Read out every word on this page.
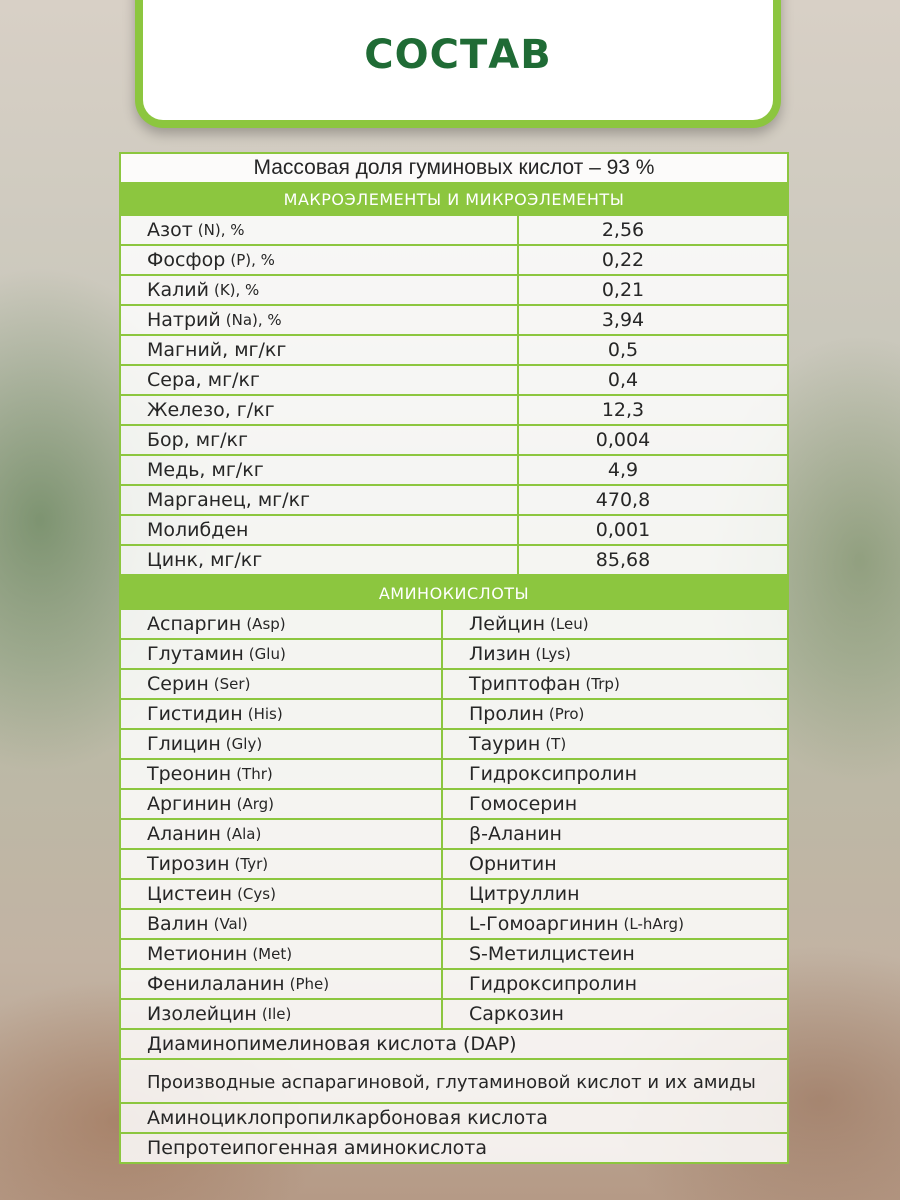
СОСТАВ
Массовая доля гуминовых кислот – 93 %
МАКРОЭЛЕМЕНТЫ И МИКРОЭЛЕМЕНТЫ
Азот (N), %	2,56
Фосфор (P), %	0,22
Калий (K), %	0,21
Натрий (Na), %	3,94
Магний, мг/кг	0,5
Сера, мг/кг	0,4
Железо, г/кг	12,3
Бор, мг/кг	0,004
Медь, мг/кг	4,9
Марганец, мг/кг	470,8
Молибден	0,001
Цинк, мг/кг	85,68
АМИНОКИСЛОТЫ
Аспаргин (Asp)	Лейцин (Leu)
Глутамин (Glu)	Лизин (Lys)
Серин (Ser)	Триптофан (Trp)
Гистидин (His)	Пролин (Pro)
Глицин (Gly)	Таурин (T)
Треонин (Thr)	Гидроксипролин
Аргинин (Arg)	Гомосерин
Аланин (Ala)	β-Аланин
Тирозин (Tyr)	Орнитин
Цистеин (Cys)	Цитруллин
Валин (Val)	L-Гомоаргинин (L-hArg)
Метионин (Met)	S-Метилцистеин
Фенилаланин (Phe)	Гидроксипролин
Изолейцин (Ile)	Саркозин
Диаминопимелиновая кислота (DAP)
Производные аспарагиновой, глутаминовой кислот и их амиды
Аминоциклопропилкарбоновая кислота
Пепротеипогенная аминокислота
